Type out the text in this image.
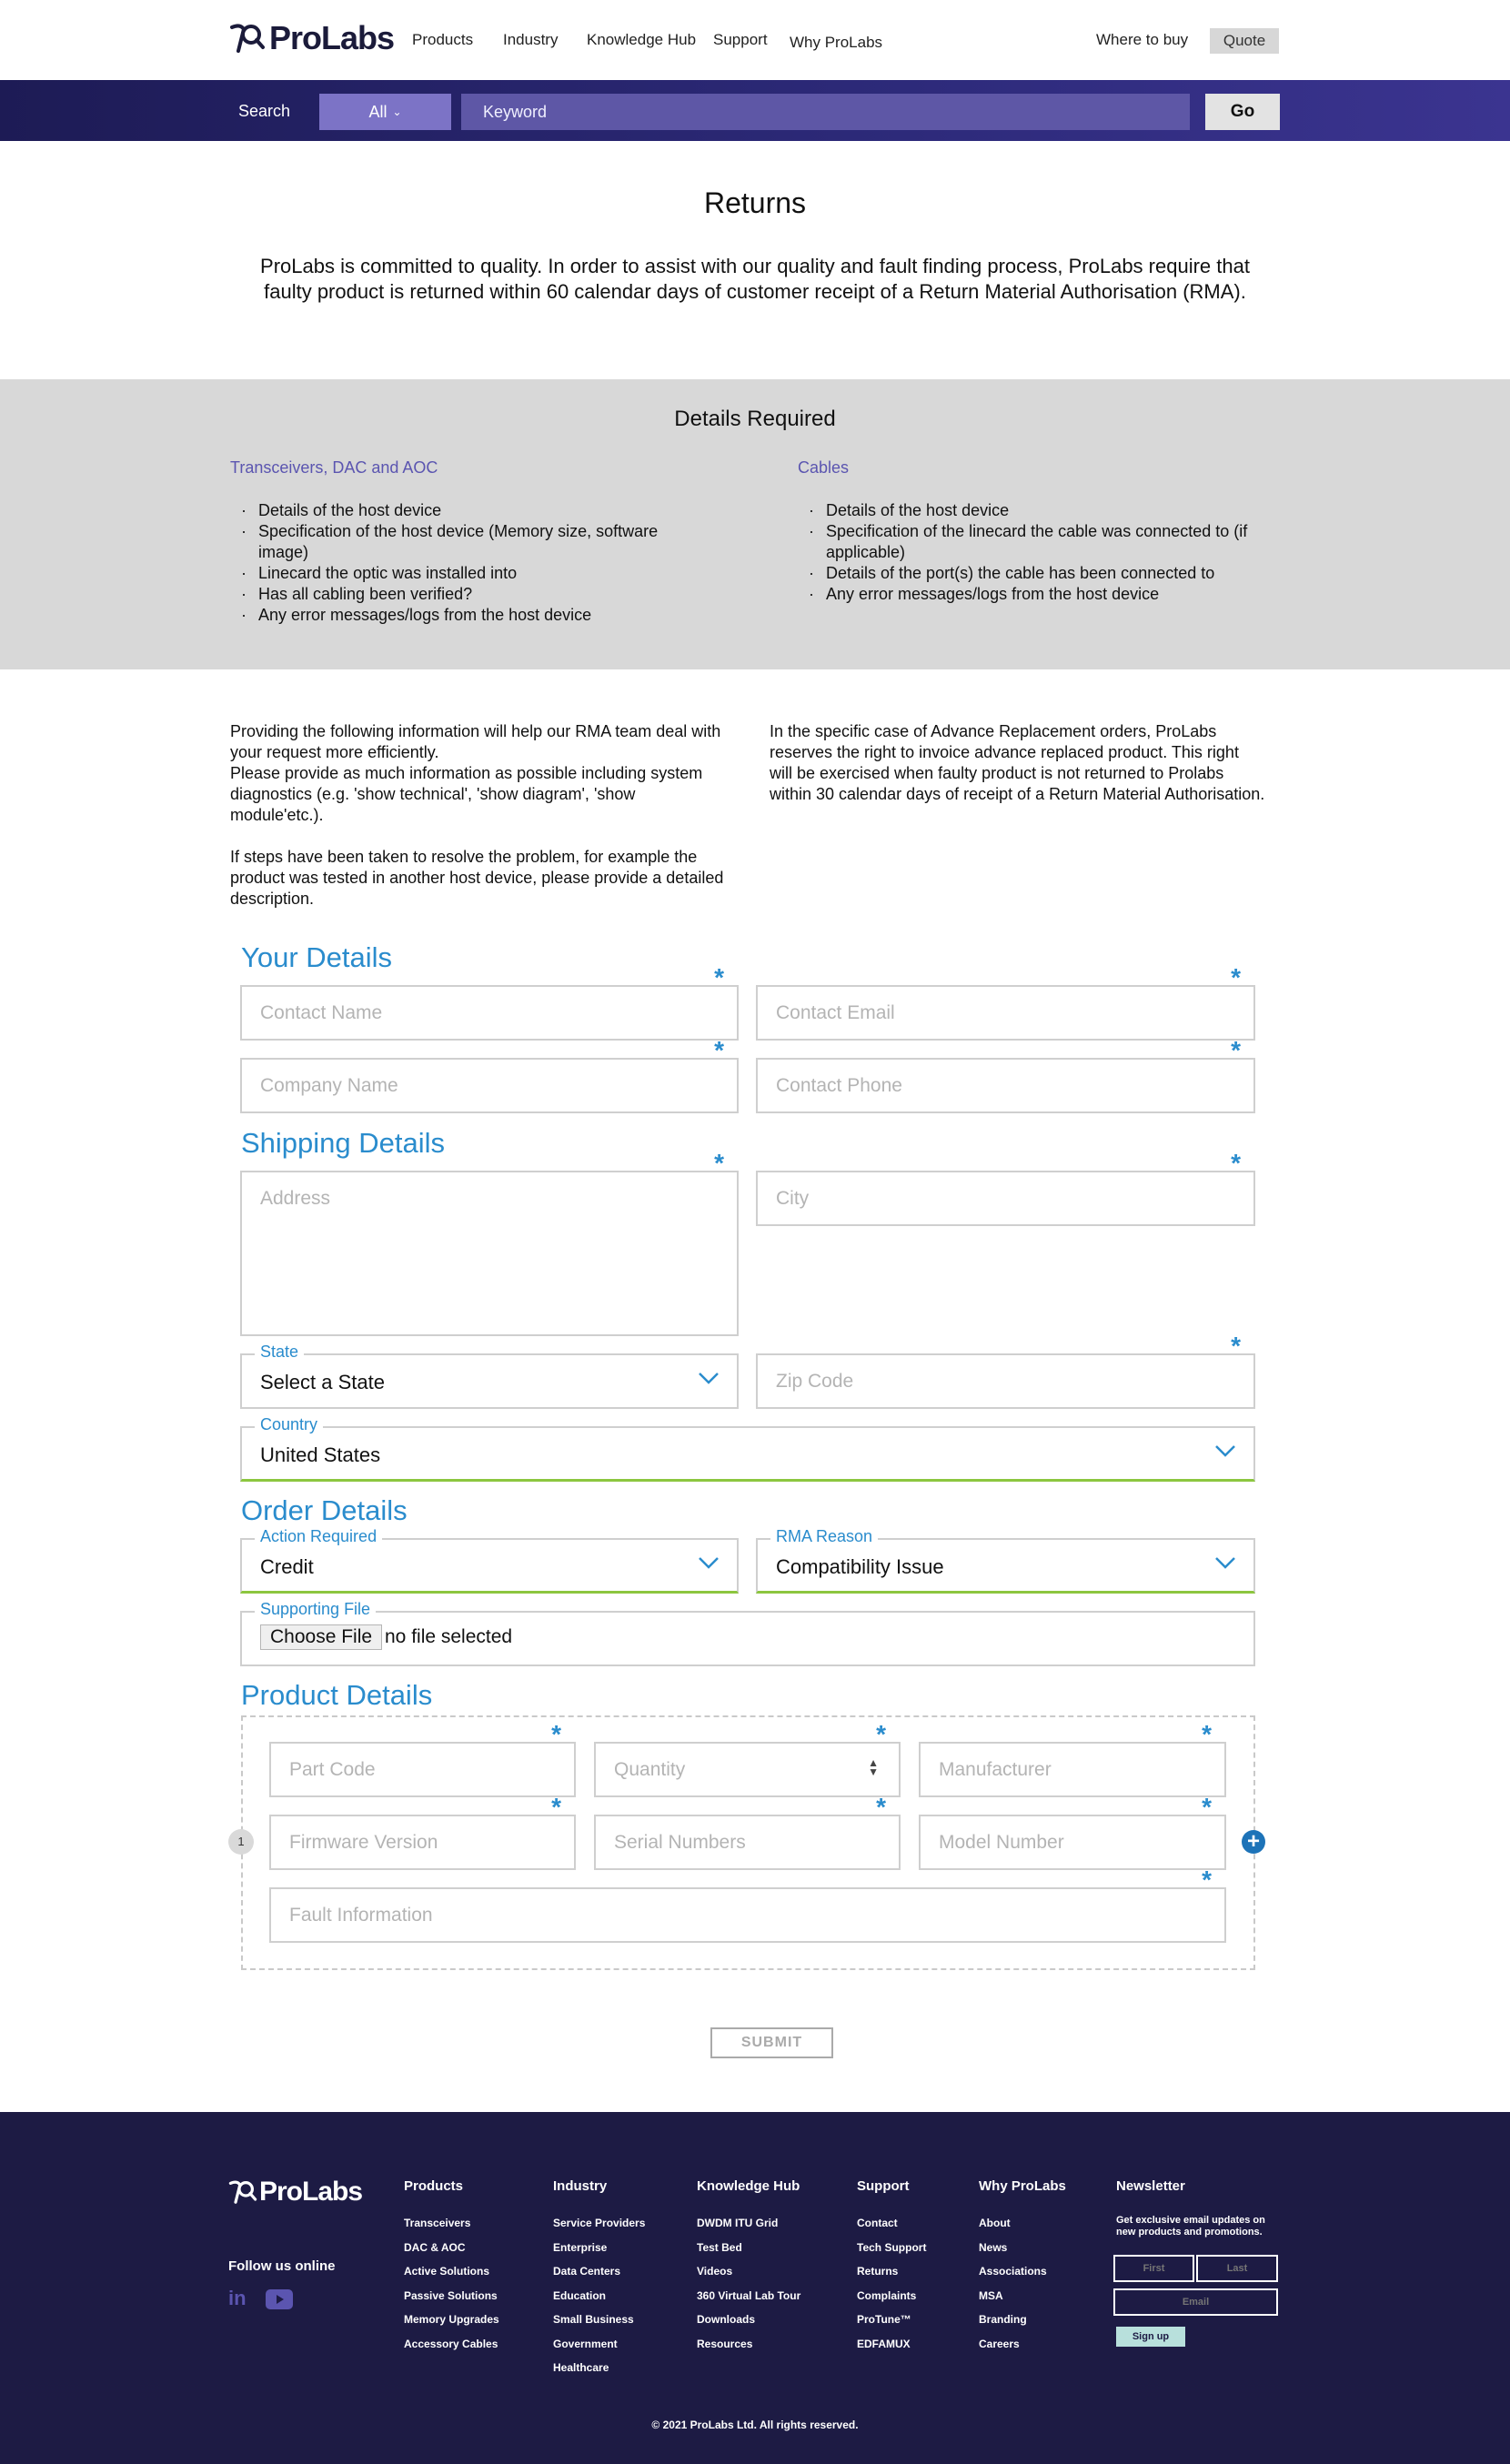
ProLabs Products Industry Knowledge Hub Support Why ProLabs	Where to buy	Quote
Search	All ⌄
Keyword	Go
Returns
ProLabs is committed to quality. In order to assist with our quality and fault finding process, ProLabs require that faulty product is returned within 60 calendar days of customer receipt of a Return Material Authorisation (RMA).
Details Required
Transceivers, DAC and AOC
· Details of the host device
· Specification of the host device (Memory size, software image)
· Linecard the optic was installed into
· Has all cabling been verified?
· Any error messages/logs from the host device
Cables
· Details of the host device
· Specification of the linecard the cable was connected to (if applicable)
· Details of the port(s) the cable has been connected to
· Any error messages/logs from the host device
Providing the following information will help our RMA team deal with your request more efficiently.
Please provide as much information as possible including system diagnostics (e.g. 'show technical', 'show diagram', 'show module'etc.).
If steps have been taken to resolve the problem, for example the product was tested in another host device, please provide a detailed description.
In the specific case of Advance Replacement orders, ProLabs reserves the right to invoice advance replaced product. This right will be exercised when faulty product is not returned to Prolabs within 30 calendar days of receipt of a Return Material Authorisation.
Your Details
Contact Name
*
Contact Email
*
Company Name
*
Contact Phone
*
Shipping Details
Address
*
City
*
State
Select a State	Zip Code
*
Country
United States
Order Details
Action Required
Credit
RMA Reason
Compatibility Issue
Supporting File
Choose File no file selected
Product Details
1	+
Part Code
*
Quantity
*
▲
▼	Manufacturer
*
Firmware Version
*
Serial Numbers
*
Model Number
*
Fault Information
*
SUBMIT
ProLabs
Follow us online
in
Products
Transceivers
DAC & AOC
Active Solutions
Passive Solutions
Memory Upgrades
Accessory Cables
Industry
Service Providers
Enterprise
Data Centers
Education
Small Business
Government
Healthcare
Knowledge Hub
DWDM ITU Grid
Test Bed
Videos
360 Virtual Lab Tour
Downloads
Resources
Support
Contact
Tech Support
Returns
Complaints
ProTune™
EDFAMUX
Why ProLabs
About
News
Associations
MSA
Branding
Careers
Newsletter
Get exclusive email updates on new products and promotions.
First
Last
Email
Sign up
© 2021 ProLabs Ltd. All rights reserved.
